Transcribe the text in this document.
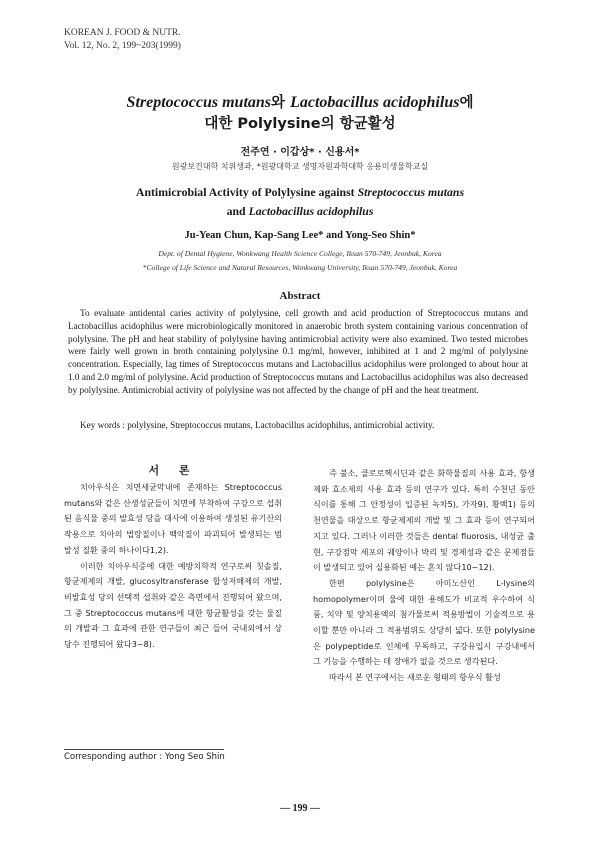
KOREAN J. FOOD & NUTR.
Vol. 12, No. 2, 199~203(1999)
Streptococcus mutans와 Lactobacillus acidophilus에
대한 Polylysine의 항균활성
전주연 · 이갑상* · 신용서*
원광보건대학 치위생과, *원광대학교 생명자원과학대학 응용미생물학교실
Antimicrobial Activity of Polylysine against Streptococcus mutans
and Lactobacillus acidophilus
Ju-Yean Chun, Kap-Sang Lee* and Yong-Seo Shin*
Dept. of Dental Hygiene, Wonkwang Health Science College, Iksan 570-749, Jeonbuk, Korea
*College of Life Science and Natural Resources, Wonkwang University, Iksan 570-749, Jeonbuk, Korea
Abstract
To evaluate antidental caries activity of polylysine, cell growth and acid production of Streptococcus mutans and Lactobacillus acidophilus were microbiologically monitored in anaerobic broth system containing various concentration of polylysine. The pH and heat stability of polylysine having antimicrobial activity were also examined. Two tested microbes were fairly well grown in broth containing polylysine 0.1 mg/ml, however, inhibited at 1 and 2 mg/ml of polylysine concentration. Especially, lag times of Streptococcus mutans and Lactobacillus acidophilus were prolonged to about hour at 1.0 and 2.0 mg/ml of polylysine. Acid production of Streptococcus mutans and Lactobacillus acidophilus was also decreased by polylysine. Antimicrobial activity of polylysine was not affected by the change of pH and the heat treatment.
Key words : polylysine, Streptococcus mutans, Lactobacillus acidophilus, antimicrobial activity.
서 론

치아우식은 치면세균막내에 존재하는 Streptococcus mutans와 같은 산생성균들이 치면에 부착하여 구강으로 섭취된 음식물 중의 발효성 당을 대사에 이용하여 생성된 유기산의 작용으로 치아의 법랑질이나 백악질이 파괴되어 발생되는 범발성 질환 중의 하나이다1,2).

이러한 치아우식증에 대한 예방치학적 연구로써 칫솔질, 항균제제의 개발, glucosyltransferase 합성저해제의 개발, 비발효성 당의 선택적 섭취와 같은 측면에서 진행되어 왔으며, 그 중 Streptococcus mutans에 대한 항균활성을 갖는 물질의 개발과 그 효과에 관한 연구들이 최근 들어 국내외에서 상당수 진행되어 왔다3~8).

즉 불소, 클로로헥시딘과 같은 화학물질의 사용 효과, 항생제와 효소제의 사용 효과 등의 연구가 있다. 특히 수천년 동안 식이를 통해 그 안정성이 입증된 녹차5), 가자9), 황백1) 등의 천연물을 대상으로 항균제제의 개발 및 그 효과 등이 연구되어지고 있다. 그러나 이러한 것들은 dental fluorosis, 내성균 출현, 구강점막 세포의 궤양이나 박리 및 경제성과 같은 문제점들이 발생되고 있어 실용화된 예는 흔치 않다10~12).

한편 polylysine은 아미노산인 L-lysine의 homopolymer이며 물에 대한 용해도가 비교적 우수하여 식품, 치약 및 양치용액의 첨가물로써 적용방법이 기술적으로 용이할 뿐만 아니라 그 적용범위도 상당히 넓다. 또한 polylysine은 polypeptide로 인체에 무독하고, 구강유입시 구강내에서 그 기능을 수행하는 데 장애가 없을 것으로 생각된다.

따라서 본 연구에서는 새로운 형태의 항우식 활성

Corresponding author : Yong Seo Shin
— 199 —
